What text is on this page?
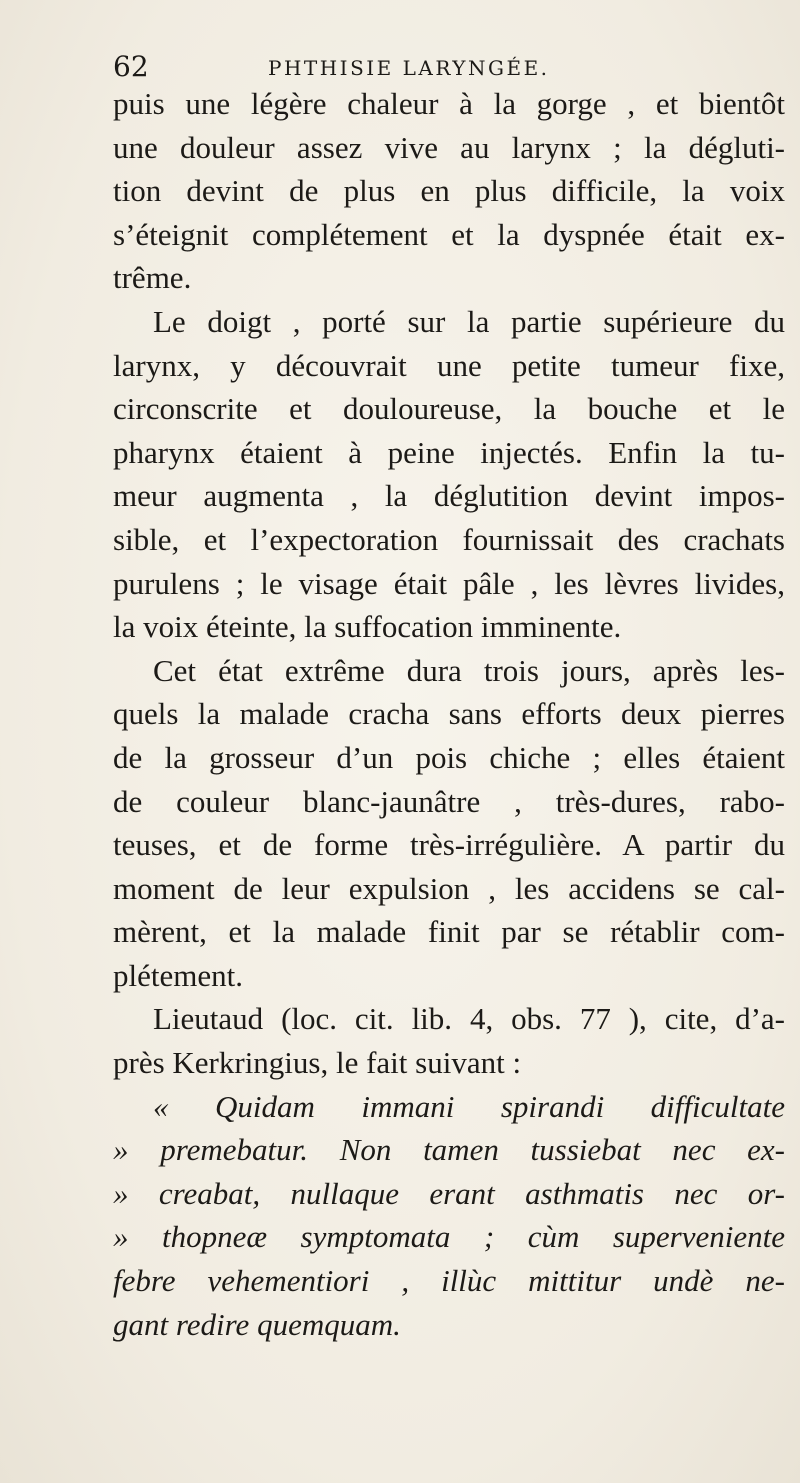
62	PHTHISIE LARYNGÉE.
puis une légère chaleur à la gorge , et bientôt
une douleur assez vive au larynx ; la dégluti-
tion devint de plus en plus difficile, la voix
s’éteignit complétement et la dyspnée était ex-
trême.
Le doigt , porté sur la partie supérieure du
larynx, y découvrait une petite tumeur fixe,
circonscrite et douloureuse, la bouche et le
pharynx étaient à peine injectés. Enfin la tu-
meur augmenta , la déglutition devint impos-
sible, et l’expectoration fournissait des crachats
purulens ; le visage était pâle , les lèvres livides,
la voix éteinte, la suffocation imminente.
Cet état extrême dura trois jours, après les-
quels la malade cracha sans efforts deux pierres
de la grosseur d’un pois chiche ; elles étaient
de couleur blanc-jaunâtre , très-dures, rabo-
teuses, et de forme très-irrégulière. A partir du
moment de leur expulsion , les accidens se cal-
mèrent, et la malade finit par se rétablir com-
plétement.
Lieutaud (loc. cit. lib. 4, obs. 77 ), cite, d’a-
près Kerkringius, le fait suivant :
« Quidam immani spirandi difficultate
» premebatur. Non tamen tussiebat nec ex-
» creabat, nullaque erant asthmatis nec or-
» thopneæ symptomata ; cùm superveniente
febre vehementiori , illùc mittitur undè ne-
gant redire quemquam.
